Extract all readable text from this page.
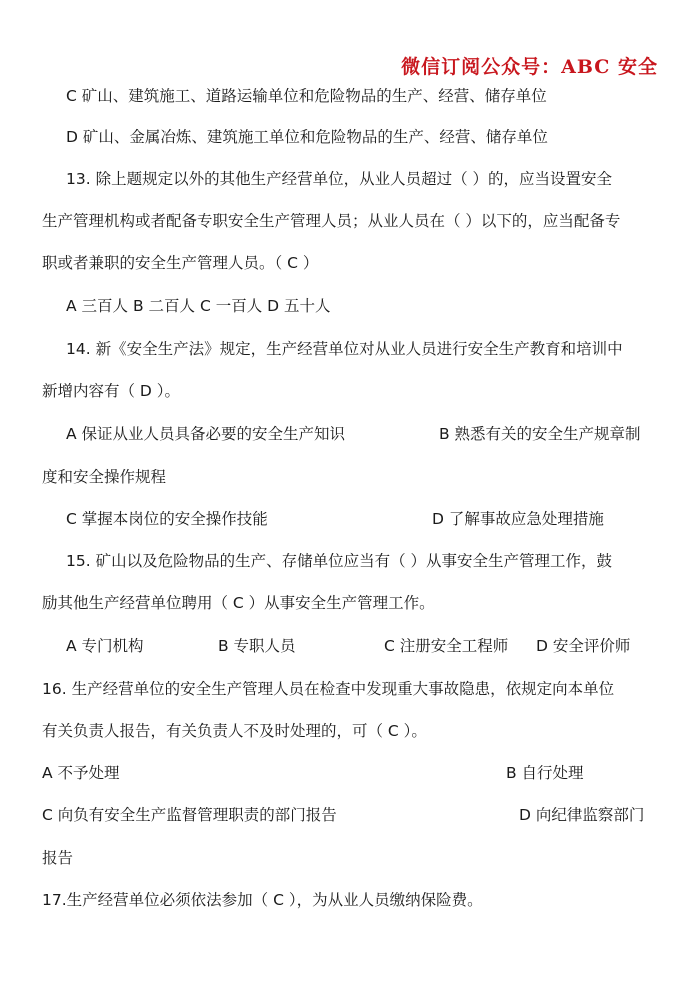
微信订阅公众号：ABC 安全
C 矿山、建筑施工、道路运输单位和危险物品的生产、经营、储存单位
D 矿山、金属冶炼、建筑施工单位和危险物品的生产、经营、储存单位
13. 除上题规定以外的其他生产经营单位，从业人员超过（ ）的，应当设置安全
生产管理机构或者配备专职安全生产管理人员；从业人员在（ ）以下的，应当配备专
职或者兼职的安全生产管理人员。（ C ）
A 三百人 B 二百人 C 一百人 D 五十人
14. 新《安全生产法》规定，生产经营单位对从业人员进行安全生产教育和培训中
新增内容有（ D ）。
A 保证从业人员具备必要的安全生产知识	B 熟悉有关的安全生产规章制
度和安全操作规程
C 掌握本岗位的安全操作技能	D 了解事故应急处理措施
15. 矿山以及危险物品的生产、存储单位应当有（ ）从事安全生产管理工作，鼓
励其他生产经营单位聘用（ C ）从事安全生产管理工作。
A 专门机构	B 专职人员	C 注册安全工程师 D 安全评价师
16. 生产经营单位的安全生产管理人员在检查中发现重大事故隐患，依规定向本单位
有关负责人报告，有关负责人不及时处理的，可（ C ）。
A 不予处理	B 自行处理
C 向负有安全生产监督管理职责的部门报告	D 向纪律监察部门
报告
17.生产经营单位必须依法参加（ C ），为从业人员缴纳保险费。
